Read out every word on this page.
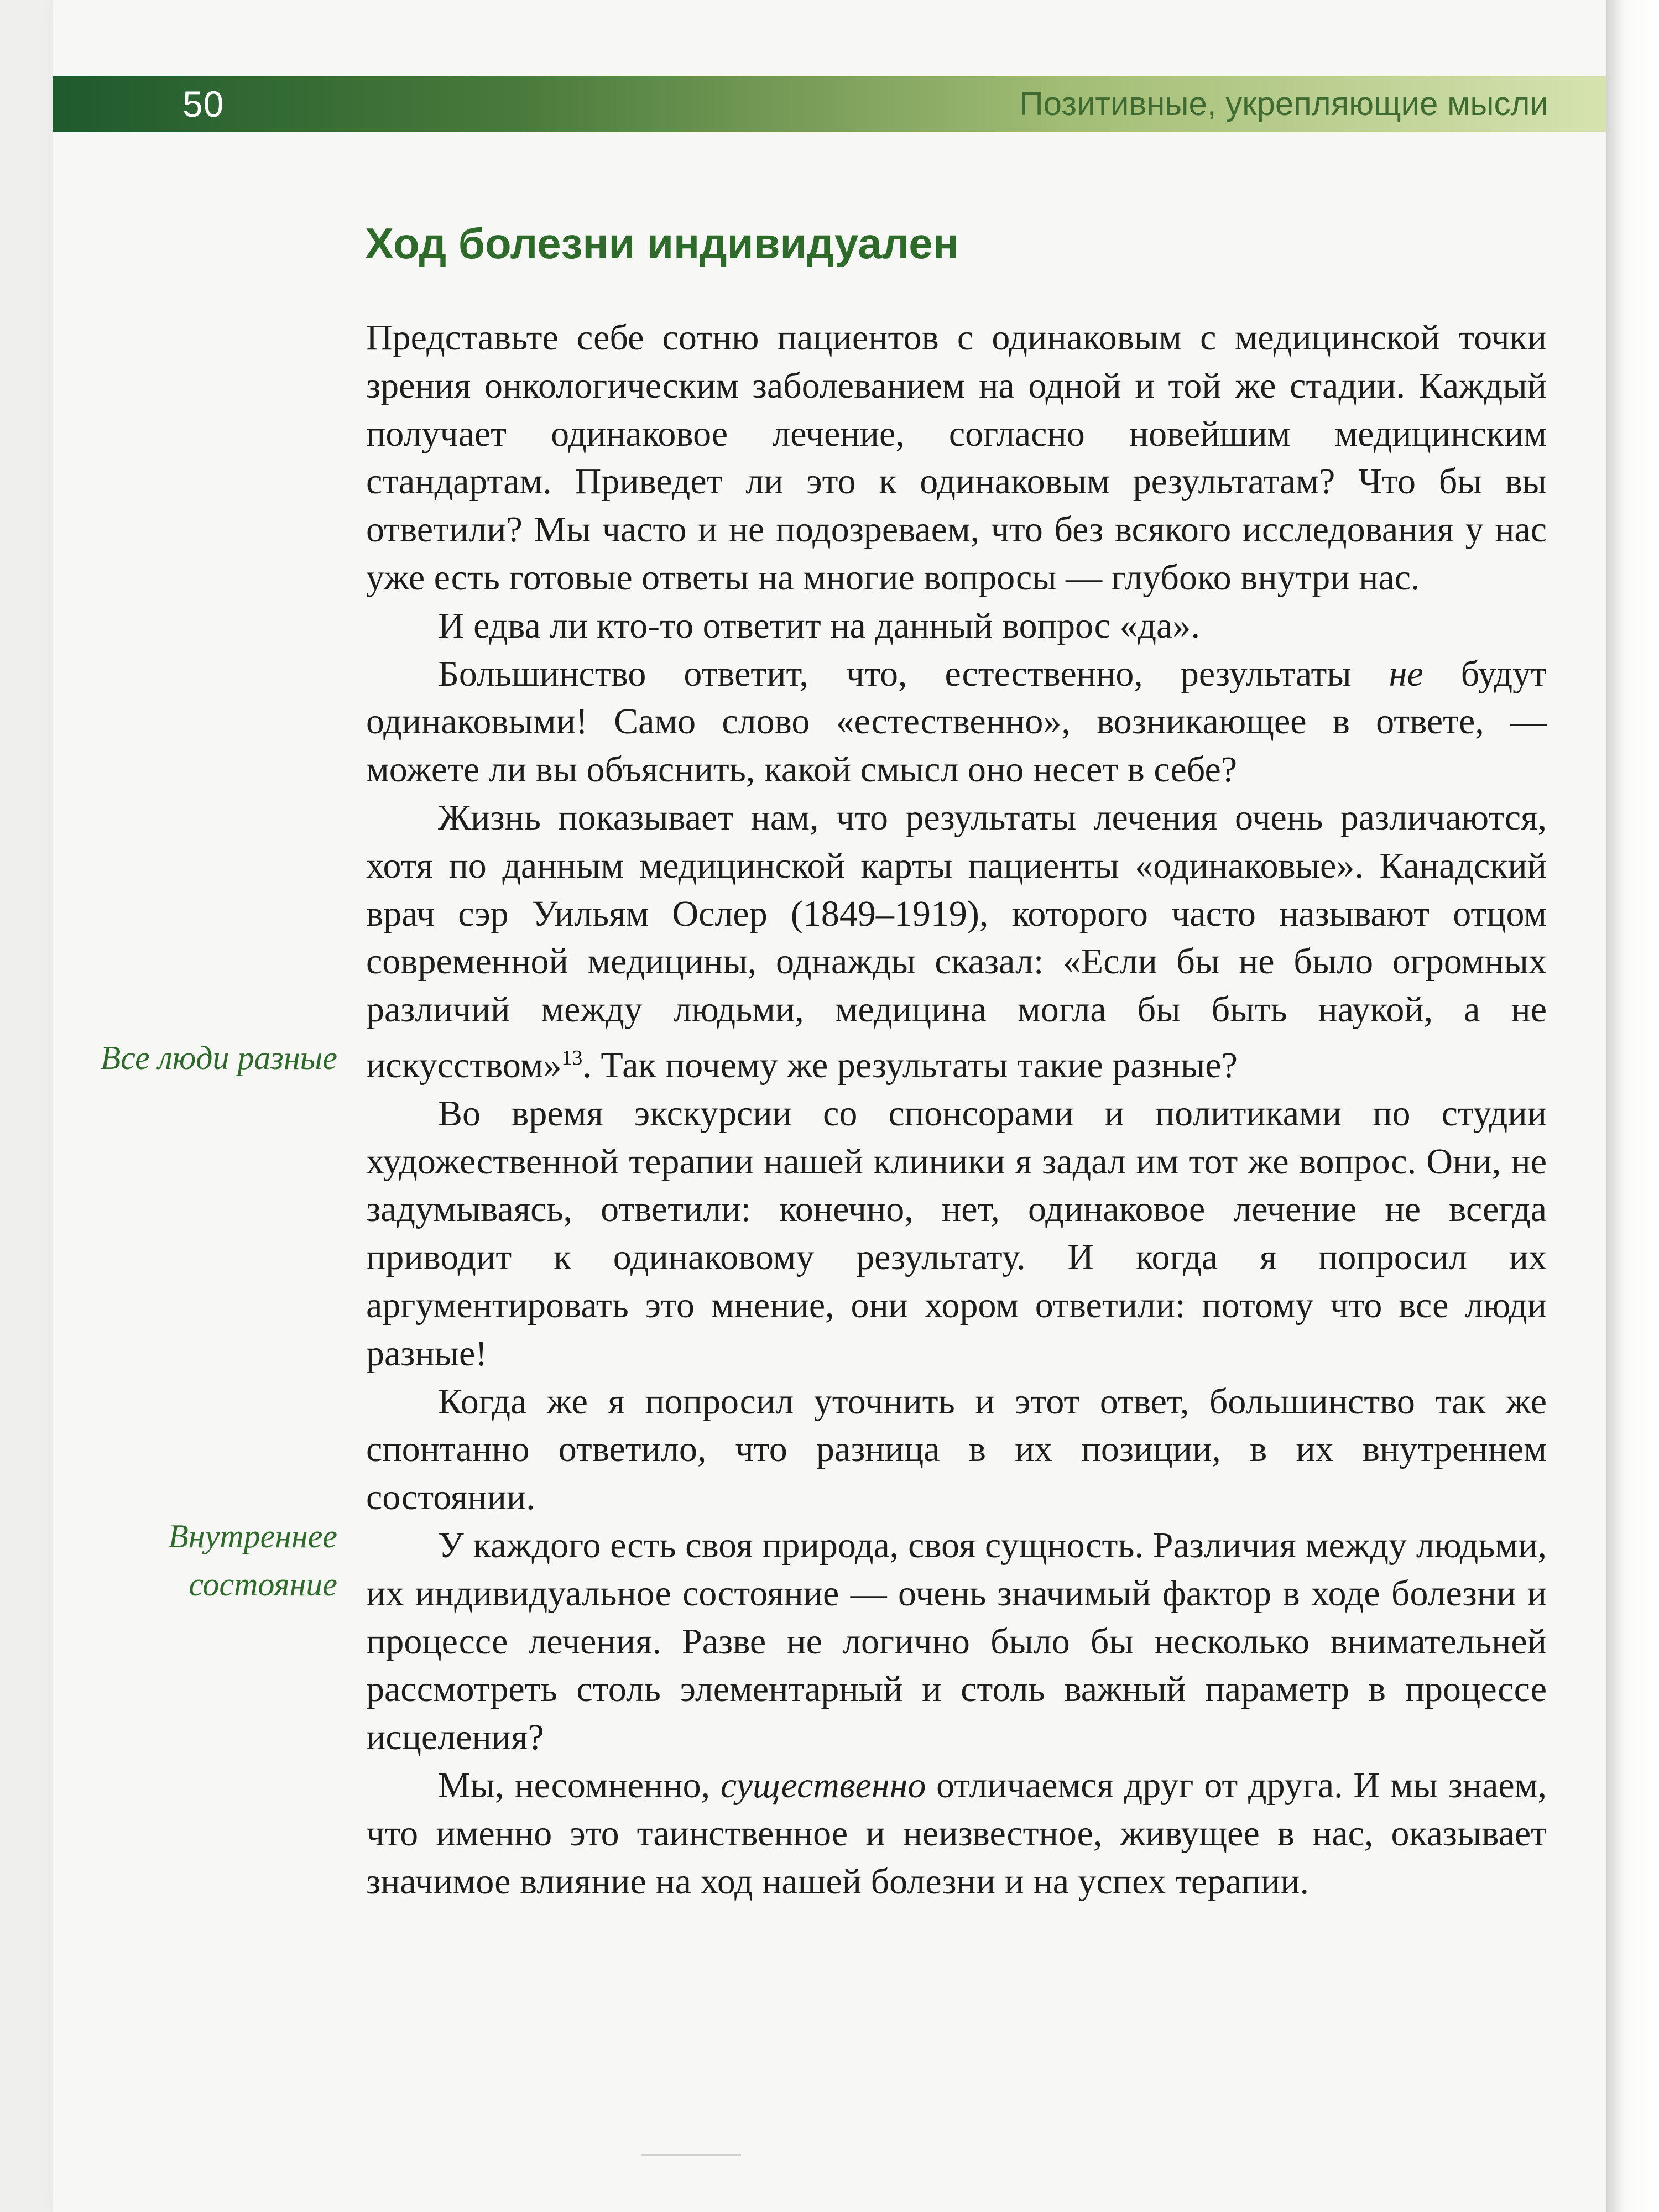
50	Позитивные, укрепляющие мысли
Ход болезни индивидуален
Все люди разные
Внутреннее
состояние

Представьте себе сотню пациентов с одинаковым с медицинской точки зрения онкологическим заболеванием на одной и той же стадии. Каждый получает одинаковое лечение, согласно новейшим медицинским стандартам. Приведет ли это к одинаковым результатам? Что бы вы ответили? Мы часто и не подозреваем, что без всякого исследования у нас уже есть готовые ответы на многие вопросы — глубоко внутри нас.

И едва ли кто-то ответит на данный вопрос «да».

Большинство ответит, что, естественно, результаты не будут одинаковыми! Само слово «естественно», возникающее в ответе, — можете ли вы объяснить, какой смысл оно несет в себе?

Жизнь показывает нам, что результаты лечения очень различаются, хотя по данным медицинской карты пациенты «одинаковые». Канадский врач сэр Уильям Ослер (1849–1919), которого часто называют отцом современной медицины, однажды сказал: «Если бы не было огромных различий между людьми, медицина могла бы быть наукой, а не искусством»$^{13}$. Так почему же результаты такие разные?

Во время экскурсии со спонсорами и политиками по студии художественной терапии нашей клиники я задал им тот же вопрос. Они, не задумываясь, ответили: конечно, нет, одинаковое лечение не всегда приводит к одинаковому результату. И когда я попросил их аргументировать это мнение, они хором ответили: потому что все люди разные!

Когда же я попросил уточнить и этот ответ, большинство так же спонтанно ответило, что разница в их позиции, в их внутреннем состоянии.

У каждого есть своя природа, своя сущность. Различия между людьми, их индивидуальное состояние — очень значимый фактор в ходе болезни и процессе лечения. Разве не логично было бы несколько внимательней рассмотреть столь элементарный и столь важный параметр в процессе исцеления?

Мы, несомненно, существенно отличаемся друг от друга. И мы знаем, что именно это таинственное и неизвестное, живущее в нас, оказывает значимое влияние на ход нашей болезни и на успех терапии.
